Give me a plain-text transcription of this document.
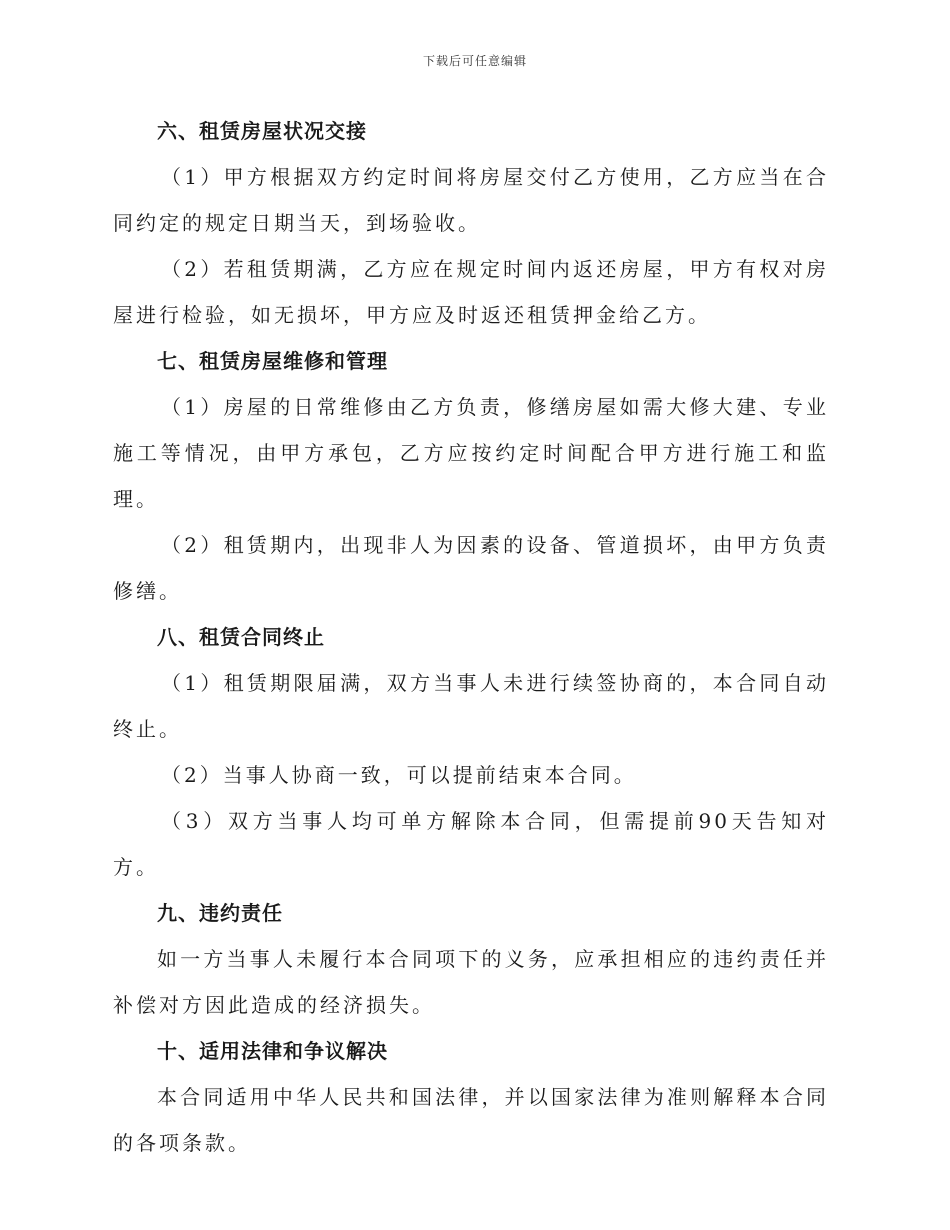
下载后可任意编辑
六、租赁房屋状况交接

（1）甲方根据双方约定时间将房屋交付乙方使用，乙方应当在合同约定的规定日期当天，到场验收。

（2）若租赁期满，乙方应在规定时间内返还房屋，甲方有权对房屋进行检验，如无损坏，甲方应及时返还租赁押金给乙方。

七、租赁房屋维修和管理

（1）房屋的日常维修由乙方负责，修缮房屋如需大修大建、专业施工等情况，由甲方承包，乙方应按约定时间配合甲方进行施工和监理。

（2）租赁期内，出现非人为因素的设备、管道损坏，由甲方负责修缮。

八、租赁合同终止

（1）租赁期限届满，双方当事人未进行续签协商的，本合同自动终止。

（2）当事人协商一致，可以提前结束本合同。

（3）双方当事人均可单方解除本合同，但需提前90天告知对方。

九、违约责任

如一方当事人未履行本合同项下的义务，应承担相应的违约责任并补偿对方因此造成的经济损失。

十、适用法律和争议解决

本合同适用中华人民共和国法律，并以国家法律为准则解释本合同的各项条款。
